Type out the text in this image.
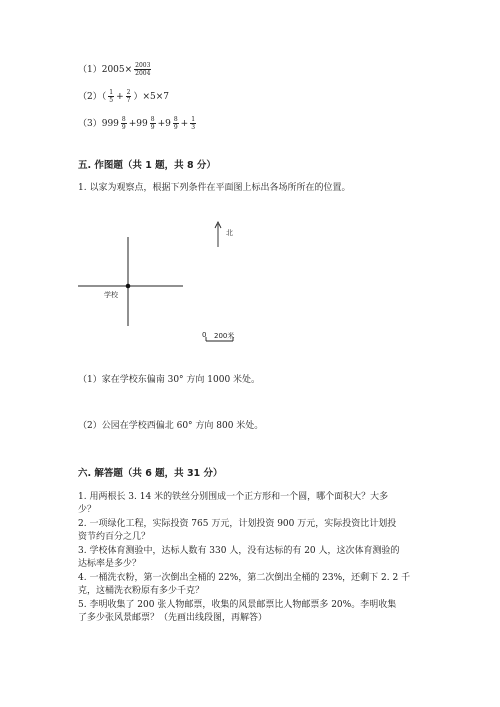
$(1)2005\times \frac{2003}{2004}$
$(2)( \frac{1}{5} + \frac{2}{7} )\times 5\times 7$
$(3)999 \frac{8}{9} +99 \frac{8}{9} +9 \frac{8}{9} + \frac{1}{3}$
五. 作图题（共 1 题，共 8 分）
1. 以家为观察点，根据下列条件在平面图上标出各场所所在的位置。
北
学校
0 200米
（1）家在学校东偏南 30° 方向 1000 米处。
（2）公园在学校西偏北 60° 方向 800 米处。
六. 解答题（共 6 题，共 31 分）
1. 用两根长 3. 14 米的铁丝分别围成一个正方形和一个圆，哪个面积大？大多
少？
2. 一项绿化工程，实际投资 765 万元，计划投资 900 万元，实际投资比计划投
资节约百分之几？
3. 学校体育测验中，达标人数有 330 人，没有达标的有 20 人，这次体育测验的
达标率是多少？
4. 一桶洗衣粉，第一次倒出全桶的 22%，第二次倒出全桶的 23%，还剩下 2. 2 千
克，这桶洗衣粉原有多少千克？
5. 李明收集了 200 张人物邮票，收集的风景邮票比人物邮票多 20%。李明收集
了多少张风景邮票？（先画出线段图，再解答）
